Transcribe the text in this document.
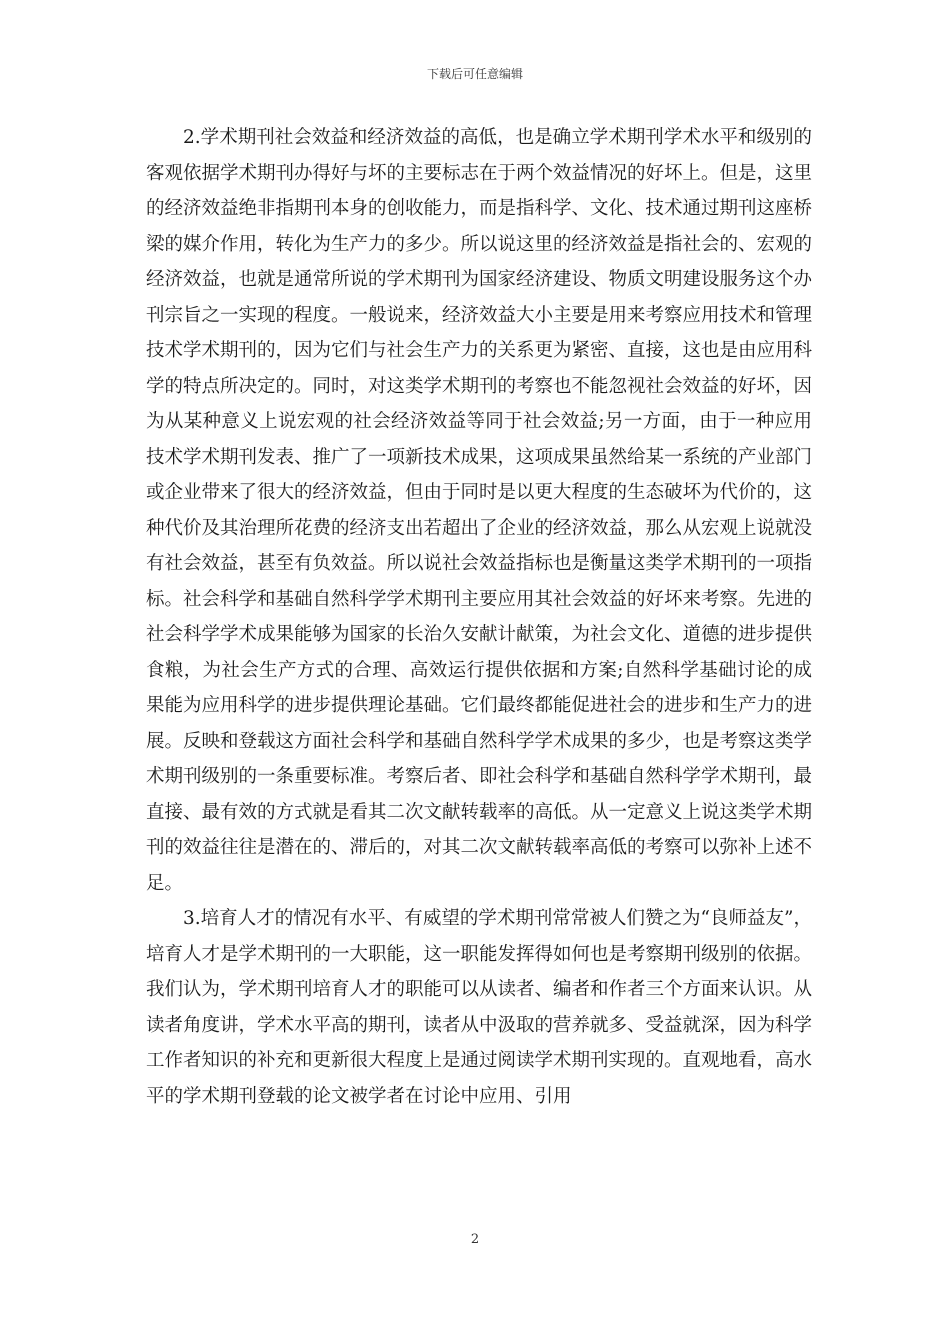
下载后可任意编辑

2.学术期刊社会效益和经济效益的高低，也是确立学术期刊学术水平和级别的客观依据学术期刊办得好与坏的主要标志在于两个效益情况的好坏上。但是，这里的经济效益绝非指期刊本身的创收能力，而是指科学、文化、技术通过期刊这座桥梁的媒介作用，转化为生产力的多少。所以说这里的经济效益是指社会的、宏观的经济效益，也就是通常所说的学术期刊为国家经济建设、物质文明建设服务这个办刊宗旨之一实现的程度。一般说来，经济效益大小主要是用来考察应用技术和管理技术学术期刊的，因为它们与社会生产力的关系更为紧密、直接，这也是由应用科学的特点所决定的。同时，对这类学术期刊的考察也不能忽视社会效益的好坏，因为从某种意义上说宏观的社会经济效益等同于社会效益;另一方面，由于一种应用技术学术期刊发表、推广了一项新技术成果，这项成果虽然给某一系统的产业部门或企业带来了很大的经济效益，但由于同时是以更大程度的生态破坏为代价的，这种代价及其治理所花费的经济支出若超出了企业的经济效益，那么从宏观上说就没有社会效益，甚至有负效益。所以说社会效益指标也是衡量这类学术期刊的一项指标。社会科学和基础自然科学学术期刊主要应用其社会效益的好坏来考察。先进的社会科学学术成果能够为国家的长治久安献计献策，为社会文化、道德的进步提供食粮，为社会生产方式的合理、高效运行提供依据和方案;自然科学基础讨论的成果能为应用科学的进步提供理论基础。它们最终都能促进社会的进步和生产力的进展。反映和登载这方面社会科学和基础自然科学学术成果的多少，也是考察这类学术期刊级别的一条重要标准。考察后者、即社会科学和基础自然科学学术期刊，最直接、最有效的方式就是看其二次文献转载率的高低。从一定意义上说这类学术期刊的效益往往是潜在的、滞后的，对其二次文献转载率高低的考察可以弥补上述不足。

3.培育人才的情况有水平、有威望的学术期刊常常被人们赞之为“良师益友”，培育人才是学术期刊的一大职能，这一职能发挥得如何也是考察期刊级别的依据。我们认为，学术期刊培育人才的职能可以从读者、编者和作者三个方面来认识。从读者角度讲，学术水平高的期刊，读者从中汲取的营养就多、受益就深，因为科学工作者知识的补充和更新很大程度上是通过阅读学术期刊实现的。直观地看，高水平的学术期刊登载的论文被学者在讨论中应用、引用

2
